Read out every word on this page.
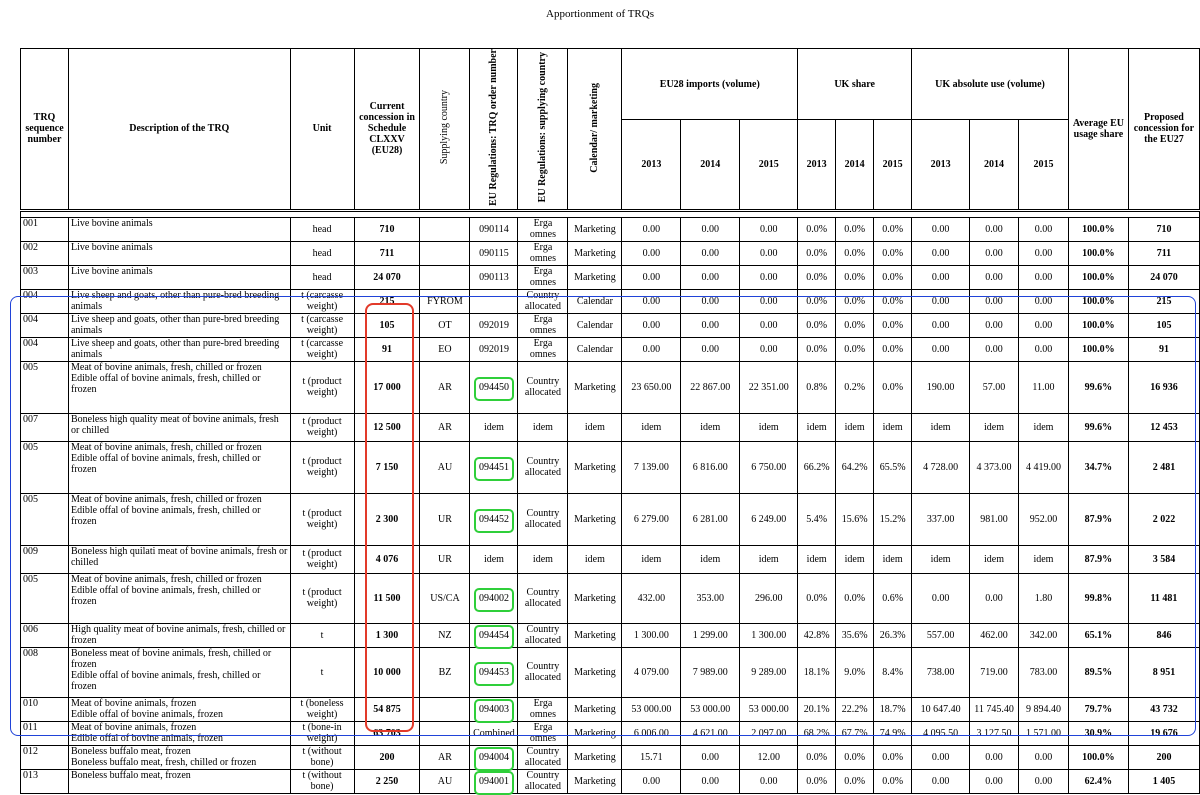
Apportionment of TRQs
TRQ sequence number	Description of the TRQ	Unit	Current concession in Schedule CLXXV (EU28)	Supplying country	EU Regulations: TRQ order number	EU Regulations: supplying country	Calendar/ marketing	EU28 imports (volume)			UK share			UK absolute use (volume)			Average EU usage share	Proposed concession for the EU27
								2013	2014	2015	2013	2014	2015	2013	2014	2015		

001	Live bovine animals	head	710		090114	Erga omnes	Marketing	0.00	0.00	0.00	0.0%	0.0%	0.0%	0.00	0.00	0.00	100.0%	710
002	Live bovine animals	head	711		090115	Erga omnes	Marketing	0.00	0.00	0.00	0.0%	0.0%	0.0%	0.00	0.00	0.00	100.0%	711
003	Live bovine animals	head	24 070		090113	Erga omnes	Marketing	0.00	0.00	0.00	0.0%	0.0%	0.0%	0.00	0.00	0.00	100.0%	24 070
004	Live sheep and goats, other than pure-bred breeding animals	t (carcasse weight)	215	FYROM		Country allocated	Calendar	0.00	0.00	0.00	0.0%	0.0%	0.0%	0.00	0.00	0.00	100.0%	215
004	Live sheep and goats, other than pure-bred breeding animals	t (carcasse weight)	105	OT	092019	Erga omnes	Calendar	0.00	0.00	0.00	0.0%	0.0%	0.0%	0.00	0.00	0.00	100.0%	105
004	Live sheep and goats, other than pure-bred breeding animals	t (carcasse weight)	91	EO	092019	Erga omnes	Calendar	0.00	0.00	0.00	0.0%	0.0%	0.0%	0.00	0.00	0.00	100.0%	91
005	Meat of bovine animals, fresh, chilled or frozen
Edible offal of bovine animals, fresh, chilled or frozen	t (product weight)	17 000	AR	094450	Country allocated	Marketing	23 650.00	22 867.00	22 351.00	0.8%	0.2%	0.0%	190.00	57.00	11.00	99.6%	16 936
007	Boneless high quality meat of bovine animals, fresh or chilled	t (product weight)	12 500	AR	idem	idem	idem	idem	idem	idem	idem	idem	idem	idem	idem	idem	99.6%	12 453
005	Meat of bovine animals, fresh, chilled or frozen
Edible offal of bovine animals, fresh, chilled or frozen	t (product weight)	7 150	AU	094451	Country allocated	Marketing	7 139.00	6 816.00	6 750.00	66.2%	64.2%	65.5%	4 728.00	4 373.00	4 419.00	34.7%	2 481
005	Meat of bovine animals, fresh, chilled or frozen
Edible offal of bovine animals, fresh, chilled or frozen	t (product weight)	2 300	UR	094452	Country allocated	Marketing	6 279.00	6 281.00	6 249.00	5.4%	15.6%	15.2%	337.00	981.00	952.00	87.9%	2 022
009	Boneless high quilati meat of bovine animals, fresh or chilled	t (product weight)	4 076	UR	idem	idem	idem	idem	idem	idem	idem	idem	idem	idem	idem	idem	87.9%	3 584
005	Meat of bovine animals, fresh, chilled or frozen
Edible offal of bovine animals, fresh, chilled or frozen	t (product weight)	11 500	US/CA	094002	Country allocated	Marketing	432.00	353.00	296.00	0.0%	0.0%	0.6%	0.00	0.00	1.80	99.8%	11 481
006	High quality meat of bovine animals, fresh, chilled or frozen	t	1 300	NZ	094454	Country allocated	Marketing	1 300.00	1 299.00	1 300.00	42.8%	35.6%	26.3%	557.00	462.00	342.00	65.1%	846
008	Boneless meat of bovine animals, fresh, chilled or frozen
Edible offal of bovine animals, fresh, chilled or frozen	t	10 000	BZ	094453	Country allocated	Marketing	4 079.00	7 989.00	9 289.00	18.1%	9.0%	8.4%	738.00	719.00	783.00	89.5%	8 951
010	Meat of bovine animals, frozen
Edible offal of bovine animals, frozen	t (boneless weight)	54 875		094003	Erga omnes	Marketing	53 000.00	53 000.00	53 000.00	20.1%	22.2%	18.7%	10 647.40	11 745.40	9 894.40	79.7%	43 732
011	Meat of bovine animals, frozen
Edible offal of bovine animals, frozen	t (bone-in weight)	63 703		Combined	Erga omnes	Marketing	6 006.00	4 621.00	2 097.00	68.2%	67.7%	74.9%	4 095.50	3 127.50	1 571.00	30.9%	19 676
012	Boneless buffalo meat, frozen
Boneless buffalo meat, fresh, chilled or frozen	t (without bone)	200	AR	094004	Country allocated	Marketing	15.71	0.00	12.00	0.0%	0.0%	0.0%	0.00	0.00	0.00	100.0%	200
013	Boneless buffalo meat, frozen	t (without bone)	2 250	AU	094001	Country allocated	Marketing	0.00	0.00	0.00	0.0%	0.0%	0.0%	0.00	0.00	0.00	62.4%	1 405
